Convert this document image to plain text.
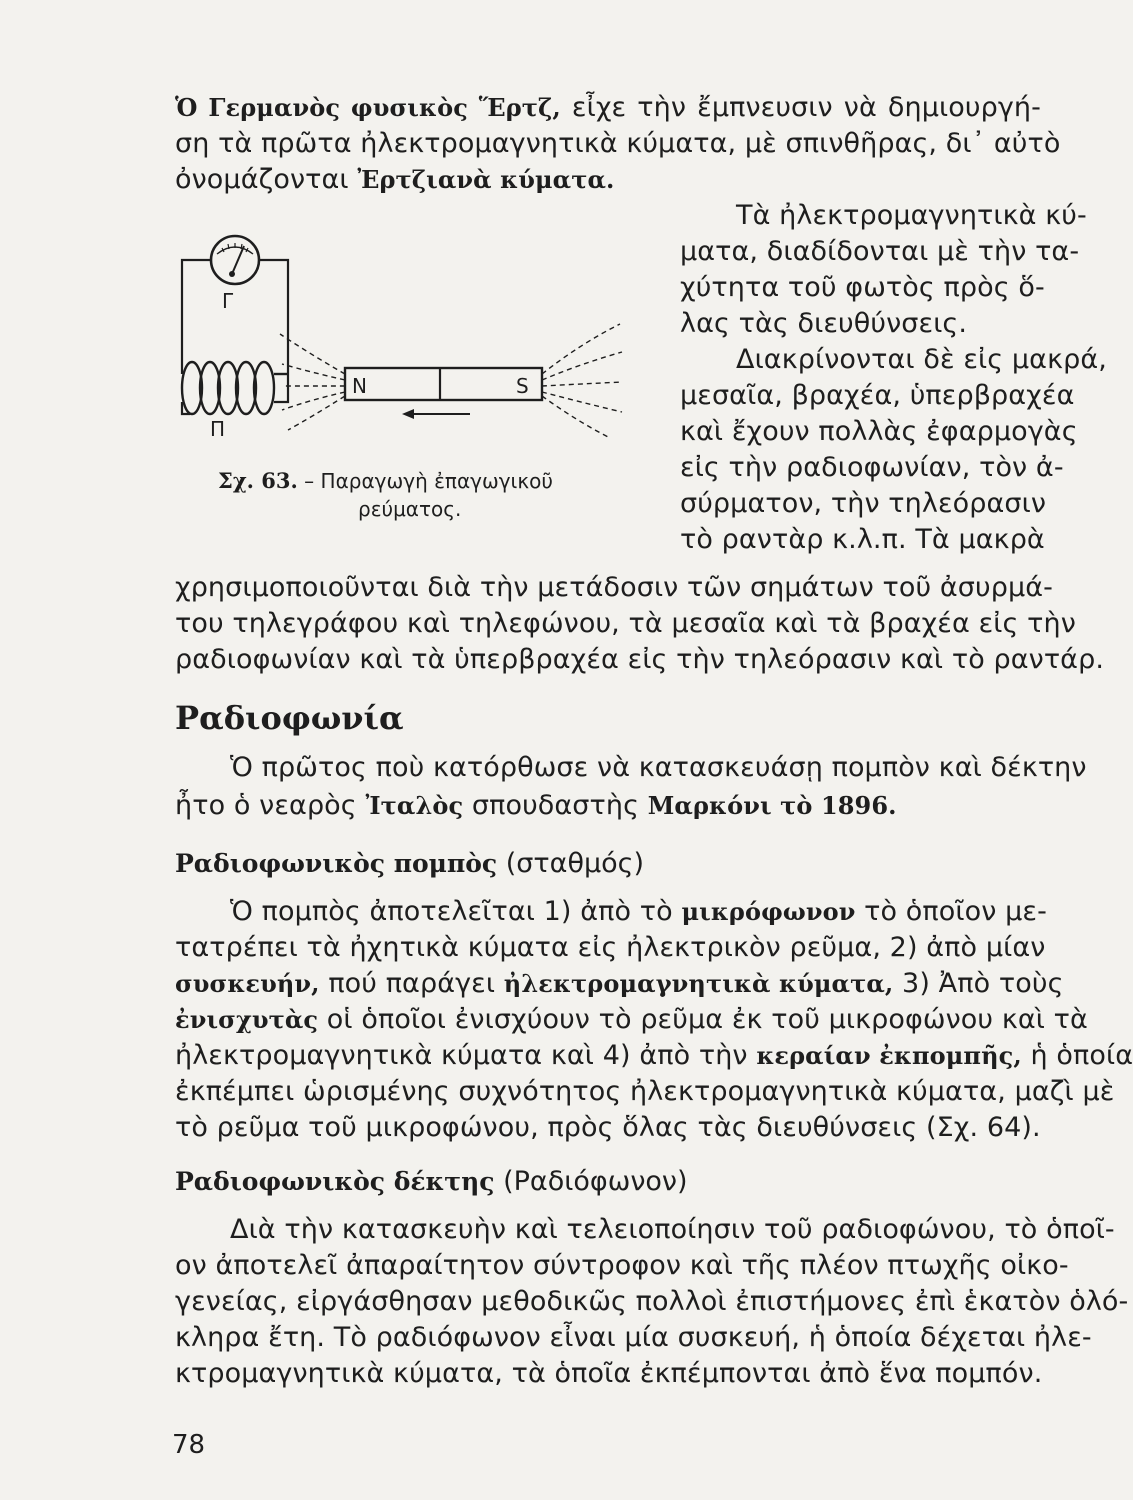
Ὁ Γερμανὸς φυσικὸς Ἕρτζ, εἶχε τὴν ἔμπνευσιν νὰ δημιουργή-
ση τὰ πρῶτα ἠλεκτρομαγνητικὰ κύματα, μὲ σπινθῆρας, δι᾽ αὐτὸ
ὀνομάζονται Ἐρτζιανὰ κύματα.
Τὰ ἠλεκτρομαγνητικὰ κύ-
ματα, διαδίδονται μὲ τὴν τα-
χύτητα τοῦ φωτὸς πρὸς ὅ-
λας τὰς διευθύνσεις.
Διακρίνονται δὲ εἰς μακρά,
μεσαῖα, βραχέα, ὑπερβραχέα
καὶ ἔχουν πολλὰς ἐφαρμογὰς
εἰς τὴν ραδιοφωνίαν, τὸν ἀ-
σύρματον, τὴν τηλεόρασιν
τὸ ραντὰρ κ.λ.π. Τὰ μακρὰ
Γ
Π
Ν	S
Σχ. 63. – Παραγωγὴ ἐπαγωγικοῦ
ρεύματος.
χρησιμοποιοῦνται διὰ τὴν μετάδοσιν τῶν σημάτων τοῦ ἀσυρμά-
του τηλεγράφου καὶ τηλεφώνου, τὰ μεσαῖα καὶ τὰ βραχέα εἰς τὴν
ραδιοφωνίαν καὶ τὰ ὑπερβραχέα εἰς τὴν τηλεόρασιν καὶ τὸ ραντάρ.
Ραδιοφωνία
Ὁ πρῶτος ποὺ κατόρθωσε νὰ κατασκευάσῃ πομπὸν καὶ δέκτην
ἦτο ὁ νεαρὸς Ἰταλὸς σπουδαστὴς Μαρκόνι τὸ 1896.
Ραδιοφωνικὸς πομπὸς (σταθμός)
Ὁ πομπὸς ἀποτελεῖται 1) ἀπὸ τὸ μικρόφωνον τὸ ὁποῖον με-
τατρέπει τὰ ἠχητικὰ κύματα εἰς ἠλεκτρικὸν ρεῦμα, 2) ἀπὸ μίαν
συσκευήν, πού παράγει ἠλεκτρομαγνητικὰ κύματα, 3) Ἀπὸ τοὺς
ἐνισχυτὰς οἱ ὁποῖοι ἐνισχύουν τὸ ρεῦμα ἐκ τοῦ μικροφώνου καὶ τὰ
ἠλεκτρομαγνητικὰ κύματα καὶ 4) ἀπὸ τὴν κεραίαν ἐκπομπῆς, ἡ ὁποία
ἐκπέμπει ὡρισμένης συχνότητος ἠλεκτρομαγνητικὰ κύματα, μαζὶ μὲ
τὸ ρεῦμα τοῦ μικροφώνου, πρὸς ὅλας τὰς διευθύνσεις (Σχ. 64).
Ραδιοφωνικὸς δέκτης (Ραδιόφωνον)
Διὰ τὴν κατασκευὴν καὶ τελειοποίησιν τοῦ ραδιοφώνου, τὸ ὁποῖ-
ον ἀποτελεῖ ἀπαραίτητον σύντροφον καὶ τῆς πλέον πτωχῆς οἰκο-
γενείας, εἰργάσθησαν μεθοδικῶς πολλοὶ ἐπιστήμονες ἐπὶ ἑκατὸν ὁλό-
κληρα ἔτη. Τὸ ραδιόφωνον εἶναι μία συσκευή, ἡ ὁποία δέχεται ἠλε-
κτρομαγνητικὰ κύματα, τὰ ὁποῖα ἐκπέμπονται ἀπὸ ἕνα πομπόν.
78
